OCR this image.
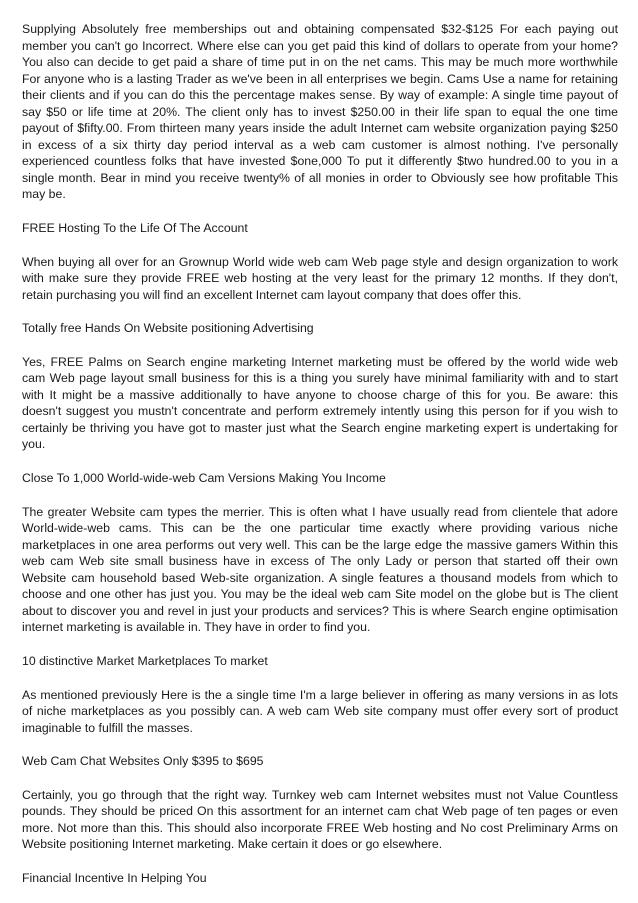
Supplying Absolutely free memberships out and obtaining compensated $32-$125 For each paying out member you can't go Incorrect. Where else can you get paid this kind of dollars to operate from your home? You also can decide to get paid a share of time put in on the net cams. This may be much more worthwhile For anyone who is a lasting Trader as we've been in all enterprises we begin. Cams Use a name for retaining their clients and if you can do this the percentage makes sense. By way of example: A single time payout of say $50 or life time at 20%. The client only has to invest $250.00 in their life span to equal the one time payout of $fifty.00. From thirteen many years inside the adult Internet cam website organization paying $250 in excess of a six thirty day period interval as a web cam customer is almost nothing. I've personally experienced countless folks that have invested $one,000 To put it differently $two hundred.00 to you in a single month. Bear in mind you receive twenty% of all monies in order to Obviously see how profitable This may be.

FREE Hosting To the Life Of The Account

When buying all over for an Grownup World wide web cam Web page style and design organization to work with make sure they provide FREE web hosting at the very least for the primary 12 months. If they don't, retain purchasing you will find an excellent Internet cam layout company that does offer this.

Totally free Hands On Website positioning Advertising

Yes, FREE Palms on Search engine marketing Internet marketing must be offered by the world wide web cam Web page layout small business for this is a thing you surely have minimal familiarity with and to start with It might be a massive additionally to have anyone to choose charge of this for you. Be aware: this doesn't suggest you mustn't concentrate and perform extremely intently using this person for if you wish to certainly be thriving you have got to master just what the Search engine marketing expert is undertaking for you.

Close To 1,000 World-wide-web Cam Versions Making You Income

The greater Website cam types the merrier. This is often what I have usually read from clientele that adore World-wide-web cams. This can be the one particular time exactly where providing various niche marketplaces in one area performs out very well. This can be the large edge the massive gamers Within this web cam Web site small business have in excess of The only Lady or person that started off their own Website cam household based Web-site organization. A single features a thousand models from which to choose and one other has just you. You may be the ideal web cam Site model on the globe but is The client about to discover you and revel in just your products and services? This is where Search engine optimisation internet marketing is available in. They have in order to find you.

10 distinctive Market Marketplaces To market

As mentioned previously Here is the a single time I'm a large believer in offering as many versions in as lots of niche marketplaces as you possibly can. A web cam Web site company must offer every sort of product imaginable to fulfill the masses.

Web Cam Chat Websites Only $395 to $695

Certainly, you go through that the right way. Turnkey web cam Internet websites must not Value Countless pounds. They should be priced On this assortment for an internet cam chat Web page of ten pages or even more. Not more than this. This should also incorporate FREE Web hosting and No cost Preliminary Arms on Website positioning Internet marketing. Make certain it does or go elsewhere.

Financial Incentive In Helping You
